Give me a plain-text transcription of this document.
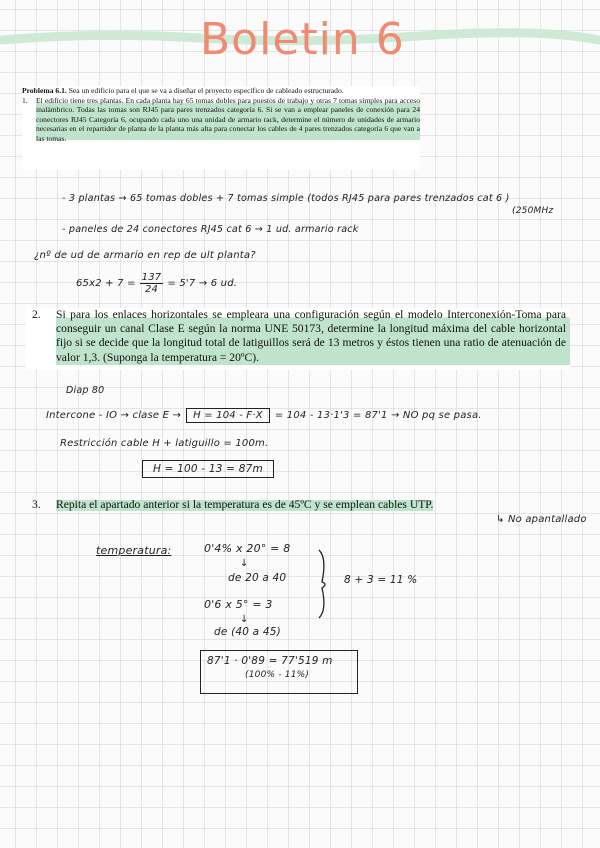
Boletin 6
Problema 6.1. Sea un edificio para el que se va a diseñar el proyecto específico de cableado estructurado.
1.	El edificio tiene tres plantas. En cada planta hay 65 tomas dobles para puestos de trabajo y otras 7 tomas simples para acceso inalámbrico. Todas las tomas son RJ45 para pares trenzados categoría 6. Si se van a emplear paneles de conexión para 24 conectores RJ45 Categoría 6, ocupando cada uno una unidad de armario rack, determine el número de unidades de armario necesarias en el repartidor de planta de la planta más alta para conectar los cables de 4 pares trenzados categoría 6 que van a las tomas.
- 3 plantas → 65 tomas dobles + 7 tomas simple (todos RJ45 para pares trenzados cat 6 )
(250MHz
- paneles de 24 conectores RJ45 cat 6 → 1 ud. armario rack
¿nº de ud de armario en rep de ult planta?
$65x2 + 7 = \frac{137}{24} = 5'7 \to 6$ ud.
2.	Si para los enlaces horizontales se empleara una configuración según el modelo Interconexión-Toma para conseguir un canal Clase E según la norma UNE 50173, determine la longitud máxima del cable horizontal fijo si se decide que la longitud total de latiguillos será de 13 metros y éstos tienen una ratio de atenuación de valor 1,3. (Suponga la temperatura = 20ºC).
Diap 80
Intercone - IO → clase E →	H = 104 - F·X	= 104 - 13·1'3 = 87'1 → NO pq se pasa.
Restricción cable H + latiguillo = 100m.
H = 100 - 13 = 87m
3.	Repita el apartado anterior si la temperatura es de 45ºC y se emplean cables UTP.
↳ No apantallado
temperatura:	0'4% x 20° = 8
↓
de 20 a 40
0'6 x 5° = 3
↓
de (40 a 45)
8 + 3 = 11 %
87'1 · 0'89 = 77'519 m
(100% - 11%)
